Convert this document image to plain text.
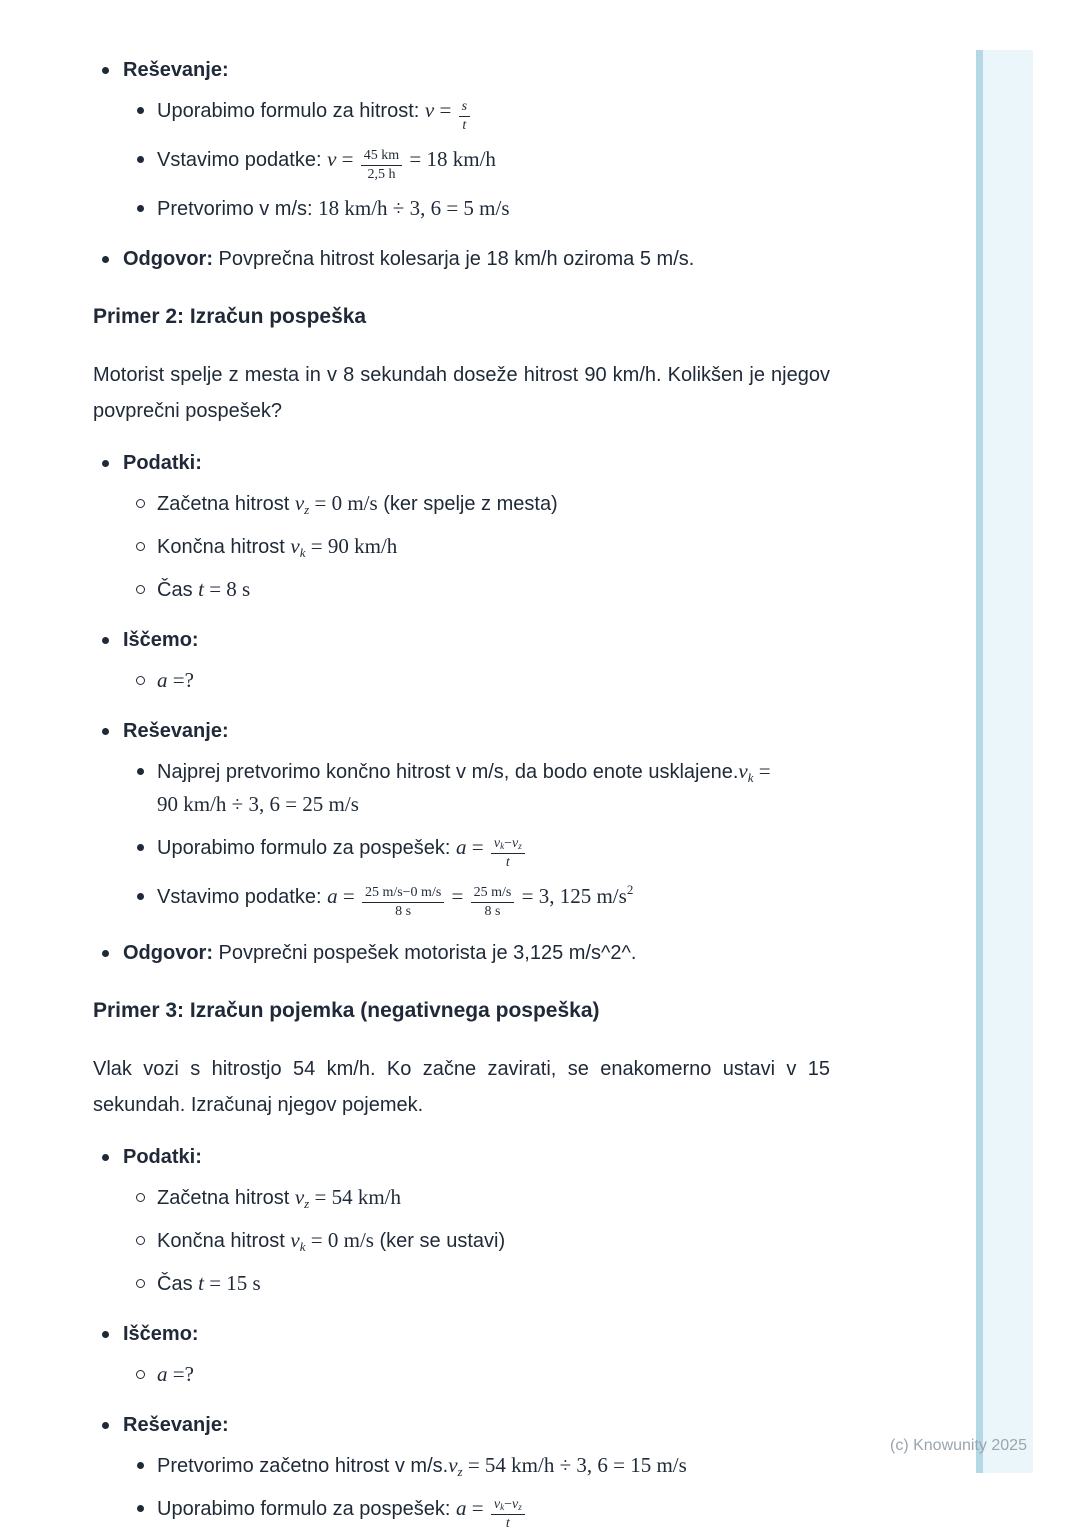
Reševanje:
Uporabimo formulo za hitrost: $v = \frac{s}{t}$
Vstavimo podatke: $v = \frac{45 km}{2,5 h} = 18$ km/h
Pretvorimo v m/s: 18 km/h ÷ 3, 6 = 5 m/s
Odgovor: Povprečna hitrost kolesarja je 18 km/h oziroma 5 m/s.
Primer 2: Izračun pospeška

Motorist spelje z mesta in v 8 sekundah doseže hitrost 90 km/h. Kolikšen je njegov povprečni pospešek?

Podatki:
Začetna hitrost $v_z = 0$ m/s (ker spelje z mesta)
Končna hitrost $v_k = 90$ km/h
Čas t = 8 s
Iščemo:
a =?
Reševanje:
Najprej pretvorimo končno hitrost v m/s, da bodo enote $usklajene.v_k = 90$ km/h ÷ 3, 6 = 25 m/s
Uporabimo formulo za pospešek: $a = \frac{v_k-v_z}{t}$
Vstavimo podatke: $a = \frac{25 m/s-0 m/s}{8 s} = \frac{25 m/s}{8 s} = 3$, 125 $m/s^2$
Odgovor: Povprečni pospešek motorista je 3,125 m/s^2^.
Primer 3: Izračun pojemka (negativnega pospeška)

Vlak vozi s hitrostjo 54 km/h. Ko začne zavirati, se enakomerno ustavi v 15 sekundah. Izračunaj njegov pojemek.

Podatki:
Začetna hitrost $v_z = 54$ km/h
Končna hitrost $v_k = 0$ m/s (ker se ustavi)
Čas t = 15 s
Iščemo:
a =?
Reševanje:
Pretvorimo začetno hitrost v $m/s.v_z = 54$ km/h ÷ 3, 6 = 15 m/s
Uporabimo formulo za pospešek: $a = \frac{v_k-v_z}{t}$
(c) Knowunity 2025
